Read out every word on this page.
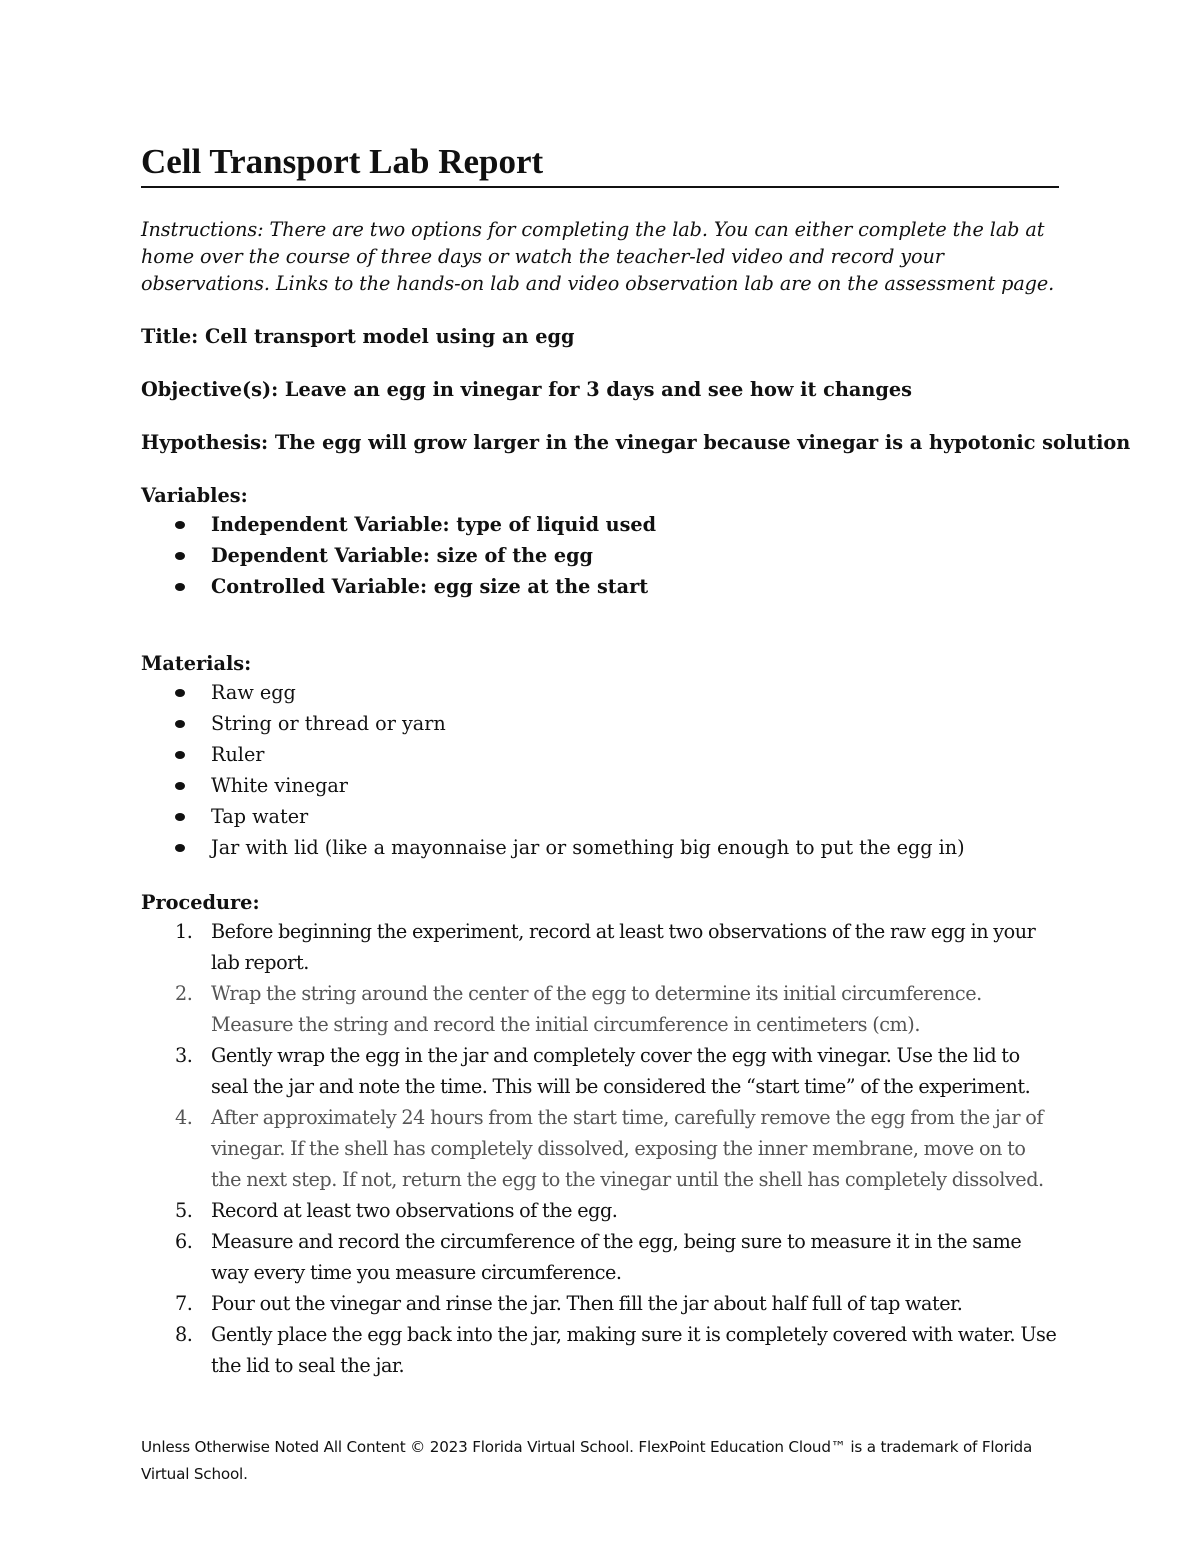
Cell Transport Lab Report

Instructions: There are two options for completing the lab. You can either complete the lab at home over the course of three days or watch the teacher-led video and record your observations. Links to the hands-on lab and video observation lab are on the assessment page.

Title: Cell transport model using an egg

Objective(s): Leave an egg in vinegar for 3 days and see how it changes

Hypothesis: The egg will grow larger in the vinegar because vinegar is a hypotonic solution

Variables:
Independent Variable: type of liquid used
Dependent Variable: size of the egg
Controlled Variable: egg size at the start
Materials:
Raw egg
String or thread or yarn
Ruler
White vinegar
Tap water
Jar with lid (like a mayonnaise jar or something big enough to put the egg in)
Procedure:
1. Before beginning the experiment, record at least two observations of the raw egg in your lab report.
2. Wrap the string around the center of the egg to determine its initial circumference. Measure the string and record the initial circumference in centimeters (cm).
3. Gently wrap the egg in the jar and completely cover the egg with vinegar. Use the lid to seal the jar and note the time. This will be considered the “start time” of the experiment.
4. After approximately 24 hours from the start time, carefully remove the egg from the jar of vinegar. If the shell has completely dissolved, exposing the inner membrane, move on to the next step. If not, return the egg to the vinegar until the shell has completely dissolved.
5. Record at least two observations of the egg.
6. Measure and record the circumference of the egg, being sure to measure it in the same way every time you measure circumference.
7. Pour out the vinegar and rinse the jar. Then fill the jar about half full of tap water.
8. Gently place the egg back into the jar, making sure it is completely covered with water. Use the lid to seal the jar.
Unless Otherwise Noted All Content © 2023 Florida Virtual School. FlexPoint Education Cloud™ is a trademark of Florida Virtual School.
